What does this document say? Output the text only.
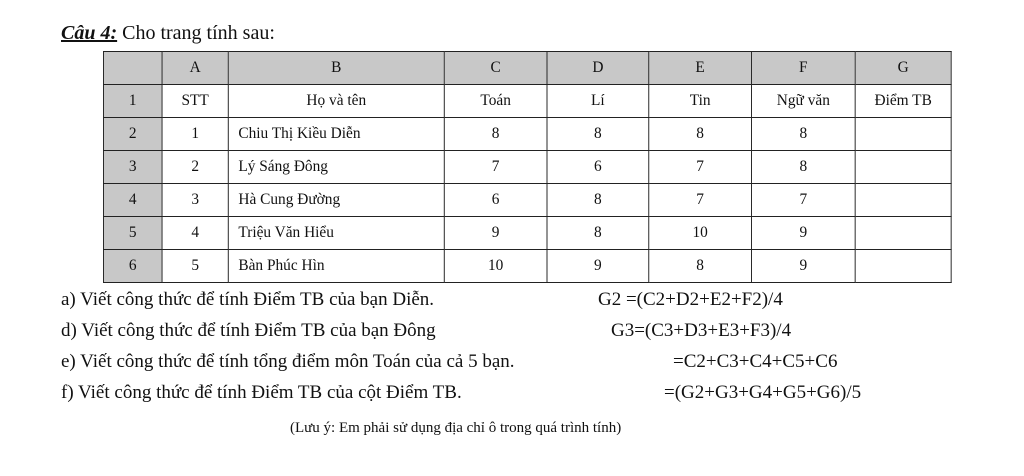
Câu 4: Cho trang tính sau:
	A	B	C	D	E	F	G
1	STT	Họ và tên	Toán	Lí	Tin	Ngữ văn	Điểm TB
2	1	Chiu Thị Kiều Diễn	8	8	8	8	
3	2	Lý Sáng Đông	7	6	7	8	
4	3	Hà Cung Đường	6	8	7	7	
5	4	Triệu Văn Hiểu	9	8	10	9	
6	5	Bàn Phúc Hìn	10	9	8	9	
a) Viết công thức để tính Điểm TB của bạn Diễn.	G2 =(C2+D2+E2+F2)/4
d) Viết công thức để tính Điểm TB của bạn Đông	G3=(C3+D3+E3+F3)/4
e) Viết công thức để tính tổng điểm môn Toán của cả 5 bạn.	=C2+C3+C4+C5+C6
f) Viết công thức để tính Điểm TB của cột Điểm TB.	=(G2+G3+G4+G5+G6)/5
(Lưu ý: Em phải sử dụng địa chỉ ô trong quá trình tính)
